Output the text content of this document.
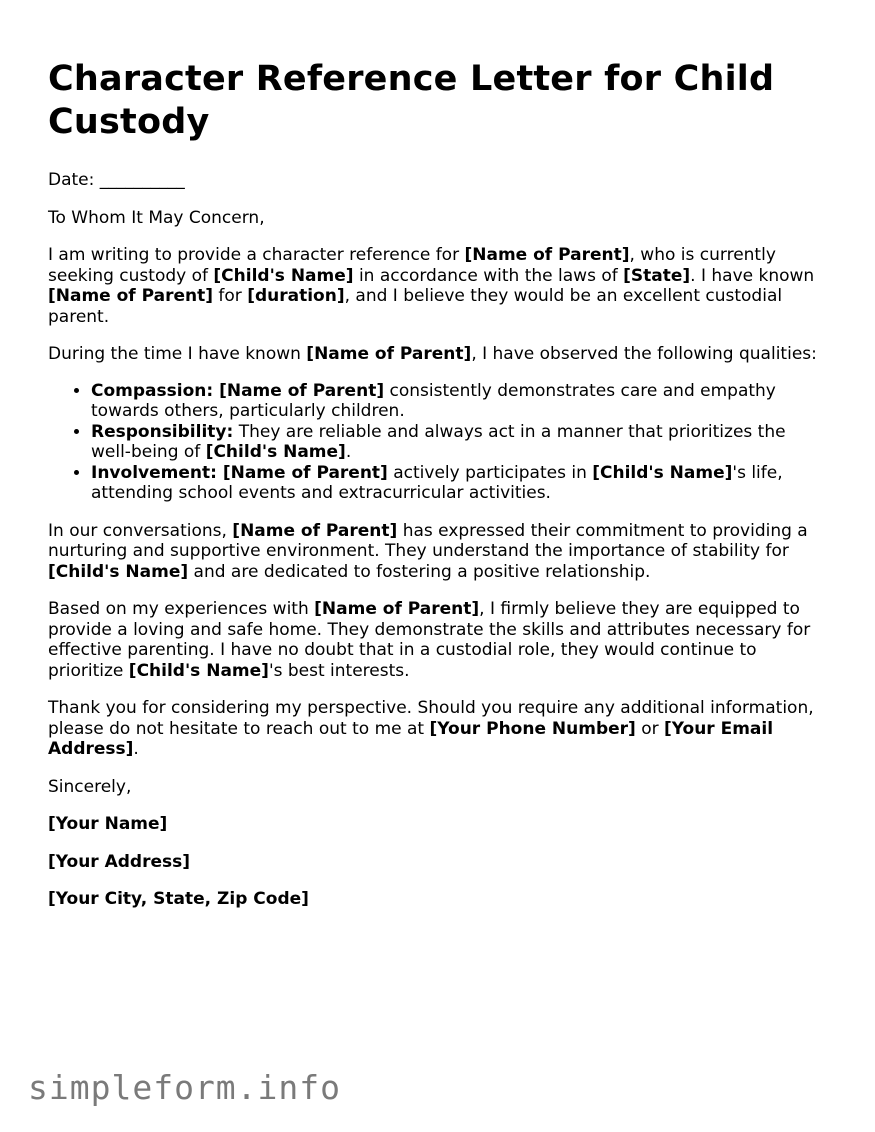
Character Reference Letter for Child Custody

Date: __________

To Whom It May Concern,

I am writing to provide a character reference for [Name of Parent], who is currently seeking custody of [Child's Name] in accordance with the laws of [State]. I have known [Name of Parent] for [duration], and I believe they would be an excellent custodial parent.

During the time I have known [Name of Parent], I have observed the following qualities:

• Compassion: [Name of Parent] consistently demonstrates care and empathy towards others, particularly children.
• Responsibility: They are reliable and always act in a manner that prioritizes the well-being of [Child's Name].
• Involvement: [Name of Parent] actively participates in [Child's Name]'s life, attending school events and extracurricular activities.

In our conversations, [Name of Parent] has expressed their commitment to providing a nurturing and supportive environment. They understand the importance of stability for [Child's Name] and are dedicated to fostering a positive relationship.

Based on my experiences with [Name of Parent], I firmly believe they are equipped to provide a loving and safe home. They demonstrate the skills and attributes necessary for effective parenting. I have no doubt that in a custodial role, they would continue to prioritize [Child's Name]'s best interests.

Thank you for considering my perspective. Should you require any additional information, please do not hesitate to reach out to me at [Your Phone Number] or [Your Email Address].

Sincerely,

[Your Name]

[Your Address]

[Your City, State, Zip Code]

simpleform.info
